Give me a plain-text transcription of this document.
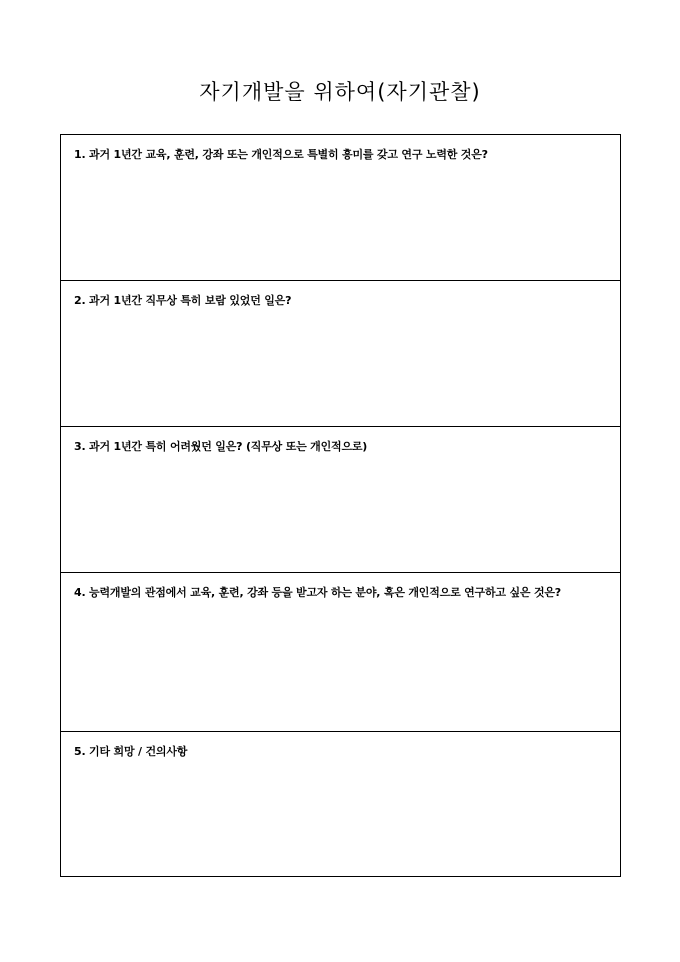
자기개발을 위하여(자기관찰)
1. 과거 1년간 교육, 훈련, 강좌 또는 개인적으로 특별히 흥미를 갖고 연구 노력한 것은?
2. 과거 1년간 직무상 특히 보람 있었던 일은?
3. 과거 1년간 특히 어려웠던 일은? (직무상 또는 개인적으로)
4. 능력개발의 관점에서 교육, 훈련, 강좌 등을 받고자 하는 분야, 혹은 개인적으로 연구하고 싶은 것은?
5. 기타 희망 / 건의사항
